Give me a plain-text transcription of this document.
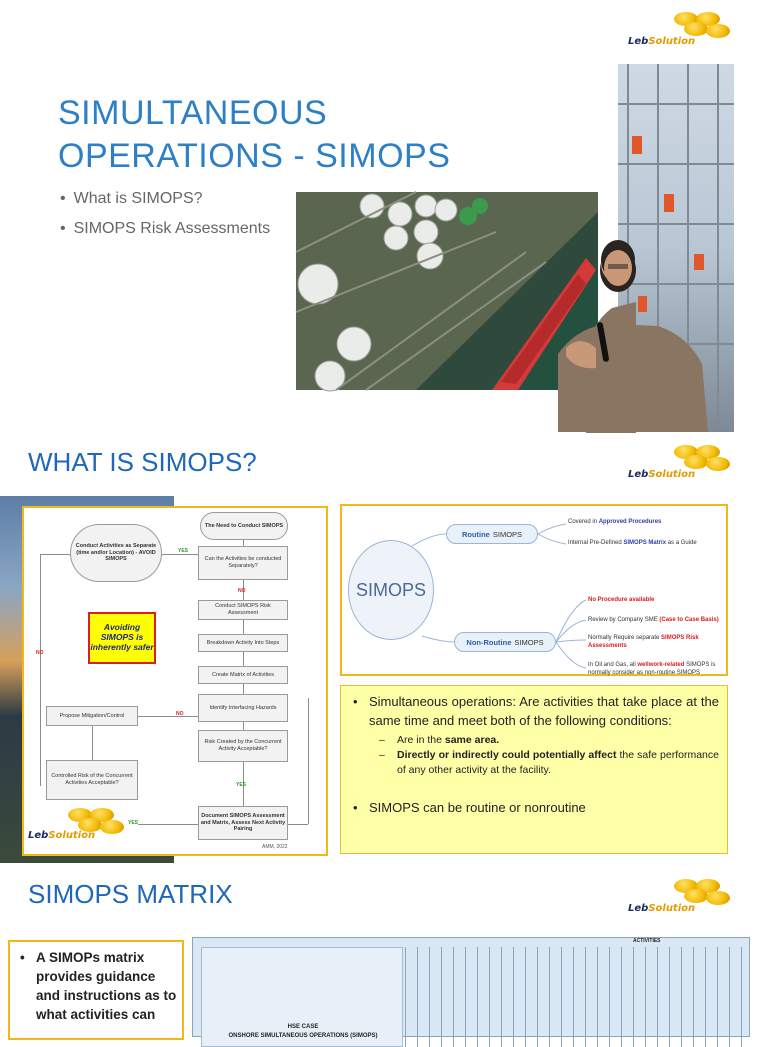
LebSolution
SIMULTANEOUS
OPERATIONS - SIMOPS
• What is SIMOPS?
• SIMOPS Risk Assessments
WHAT IS SIMOPS?	LebSolution
The Need to Conduct SIMOPS
Can the Activities be conducted Separately?
Conduct Activities as Separate (time and/or Location) - AVOID SIMOPS
Avoiding SIMOPS is inherently safer
Conduct SIMOPS Risk Assessment
Breakdown Activity Into Steps
Create Matrix of Activities
Identify Interfacing Hazards
Risk Created by the Concurrent Activity Acceptable?
Propose Mitigation/Control
Controlled Risk of the Concurrent Activities Acceptable?
Document SIMOPS Assessment and Matrix, Assess Next Activity Pairing
YES
NO
NO
YES
NO
YES
AMM, 2022
LebSolution
SIMOPS
Routine SIMOPS
Non-Routine SIMOPS
Covered in Approved Procedures
Internal Pre-Defined SIMOPS Matrix as a Guide
No Procedure available
Review by Company SME (Case to Case Basis)
Normally Require separate SIMOPS Risk Assessments
In Oil and Gas, all wellwork-related SIMOPS is normally consider as non-routine SIMOPS
• Simultaneous operations: Are activities that take place at the same time and meet both of the following conditions:
– Are in the same area.
– Directly or indirectly could potentially affect the safe performance of any other activity at the facility.
• SIMOPS can be routine or nonroutine
SIMOPS MATRIX	LebSolution
• A SIMOPs matrix provides guidance and instructions as to what activities can
HSE CASE
ONSHORE SIMULTANEOUS OPERATIONS (SIMOPS)
ACTIVITIES
